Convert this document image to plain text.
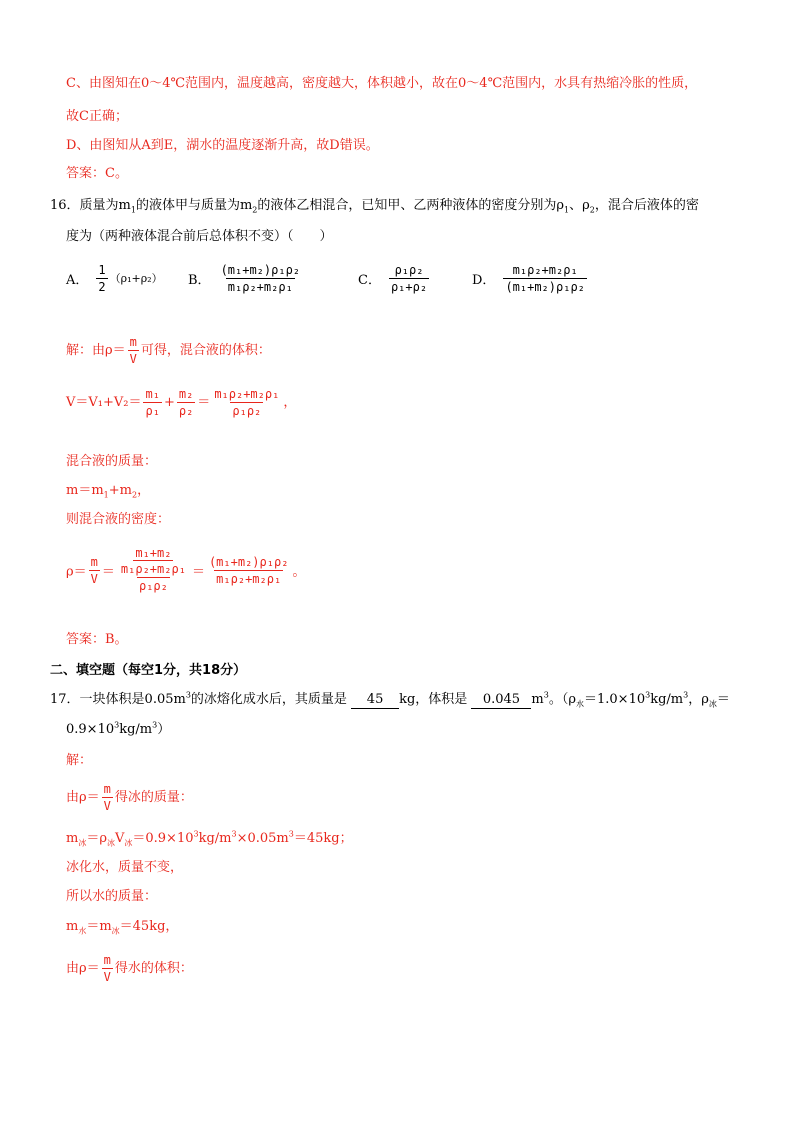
C、由图知在0～4℃范围内，温度越高，密度越大，体积越小，故在0～4℃范围内，水具有热缩冷胀的性质，
故C正确；
D、由图知从A到E，湖水的温度逐渐升高，故D错误。
答案：C。
16．质量为$m_1$的液体甲与质量为$m_2$的液体乙相混合，已知甲、乙两种液体的密度分别为$\rho_1$、$\rho_2$，混合后液体的密
度为（两种液体混合前后总体积不变）（　　）
A． $\frac{1}{2} (\rho_1+\rho_2)$ B． $\frac{\text{(m₁+m₂)ρ₁ρ₂}}{\text{m₁ρ₂+m₂ρ₁}}$	C． $\frac{\text{ρ₁ρ₂}}{\text{ρ₁+ρ₂}}$	D． $\frac{\text{m₁ρ₂+m₂ρ₁}}{\text{(m₁+m₂)ρ₁ρ₂}}$
解：由$\rho= \frac{m}{V}$ 可得，混合液的体积：
$V=V_1+V_2= \frac{\text{m₁}}{\text{ρ₁}} + \frac{\text{m₂}}{\text{ρ₂}} = \frac{\text{m₁ρ₂+m₂ρ₁}}{\text{ρ₁ρ₂}}$ ，
混合液的质量：
$m=m_1+m_2$，
则混合液的密度：
$\rho= \frac{m}{V} = \frac{\text{m₁+m₂}}{\frac{\text{m₁ρ₂+m₂ρ₁}}{\text{ρ₁ρ₂}}} = \frac{\text{(m₁+m₂)ρ₁ρ₂}}{\text{m₁ρ₂+m₂ρ₁}}$ 。
答案：B。
二、填空题（每空1分，共18分）
17．一块体积是$0.05m^3$的冰熔化成水后，其质量是 45 kg，体积是 0.045 $m^3$。（$\rho_水=1.0\times 10^3kg/m^3$，$\rho_冰=$
$0.9\times 10^3kg/m^3$）
解：
由$\rho= \frac{m}{V}$ 得冰的质量：
$m_冰=\rho_冰V_冰=0.9\times 10^3kg/m^3\times 0.05m^3=45kg$；
冰化水，质量不变，
所以水的质量：
$m_水=m_冰=45kg$，
由$\rho= \frac{m}{V}$ 得水的体积：
